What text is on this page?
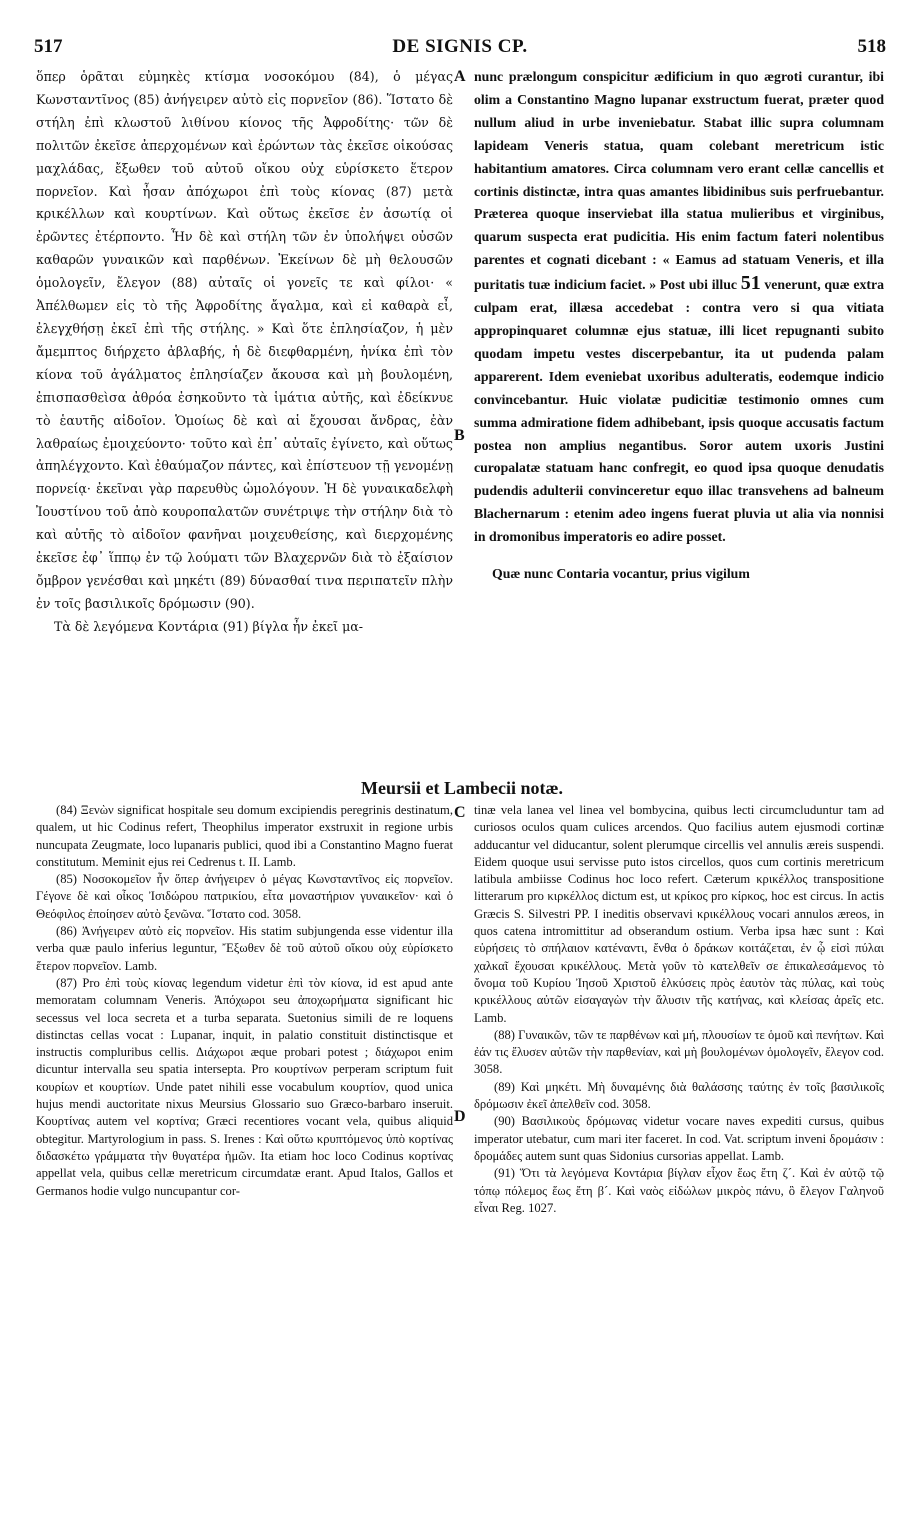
517	DE SIGNIS CP.	518
A
B
C
D

ὅπερ ὁρᾶται εὐμηκὲς κτίσμα νοσοκόμου (84), ὁ μέγας Κωνσταντῖνος (85) ἀνήγειρεν αὐτὸ εἰς πορνεῖον (86). Ἵστατο δὲ στήλη ἐπὶ κλωστοῦ λιθίνου κίονος τῆς Ἀφροδίτης· τῶν δὲ πολιτῶν ἐκεῖσε ἀπερχομένων καὶ ἐρώντων τὰς ἐκεῖσε οἰκούσας μαχλάδας, ἔξωθεν τοῦ αὐτοῦ οἴκου οὐχ εὑρίσκετο ἕτερον πορνεῖον. Καὶ ἦσαν ἀπόχωροι ἐπὶ τοὺς κίονας (87) μετὰ κρικέλλων καὶ κουρτίνων. Καὶ οὕτως ἐκεῖσε ἐν ἀσωτίᾳ οἱ ἐρῶντες ἐτέρποντο. Ἦν δὲ καὶ στήλη τῶν ἐν ὑπολήψει οὐσῶν καθαρῶν γυναικῶν καὶ παρθένων. Ἐκείνων δὲ μὴ θελουσῶν ὁμολογεῖν, ἔλεγον (88) αὐταῖς οἱ γονεῖς τε καὶ φίλοι· « Ἀπέλθωμεν εἰς τὸ τῆς Ἀφροδίτης ἄγαλμα, καὶ εἰ καθαρὰ εἶ, ἐλεγχθήσῃ ἐκεῖ ἐπὶ τῆς στήλης. » Καὶ ὅτε ἐπλησίαζον, ἡ μὲν ἄμεμπτος διήρχετο ἀβλαβής, ἡ δὲ διεφθαρμένη, ἡνίκα ἐπὶ τὸν κίονα τοῦ ἀγάλματος ἐπλησίαζεν ἄκουσα καὶ μὴ βουλομένη, ἐπισπασθεὶσα ἀθρόα ἐσηκοῦντο τὰ ἱμάτια αὐτῆς, καὶ ἐδείκνυε τὸ ἑαυτῆς αἰδοῖον. Ὁμοίως δὲ καὶ αἱ ἔχουσαι ἄνδρας, ἐὰν λαθραίως ἐμοιχεύοντο· τοῦτο καὶ ἐπ᾽ αὐταῖς ἐγίνετο, καὶ οὕτως ἀπηλέγχοντο. Καὶ ἐθαύμαζον πάντες, καὶ ἐπίστευον τῇ γενομένῃ πορνείᾳ· ἐκεῖναι γὰρ παρευθὺς ὡμολόγουν. Ἡ δὲ γυναικαδελφὴ Ἰουστίνου τοῦ ἀπὸ κουροπαλατῶν συνέτριψε τὴν στήλην διὰ τὸ καὶ αὐτῆς τὸ αἰδοῖον φανῆναι μοιχευθείσης, καὶ διερχομένης ἐκεῖσε ἐφ᾽ ἵππῳ ἐν τῷ λούματι τῶν Βλαχερνῶν διὰ τὸ ἐξαίσιον ὄμβρον γενέσθαι καὶ μηκέτι (89) δύνασθαί τινα περιπατεῖν πλὴν ἐν τοῖς βασιλικοῖς δρόμωσιν (90).

Τὰ δὲ λεγόμενα Κοντάρια (91) βίγλα ἦν ἐκεῖ μα-

nunc prælongum conspicitur ædificium in quo ægroti curantur, ibi olim a Constantino Magno lupanar exstructum fuerat, præter quod nullum aliud in urbe inveniebatur. Stabat illic supra columnam lapideam Veneris statua, quam colebant meretricum istic habitantium amatores. Circa columnam vero erant cellæ cancellis et cortinis distinctæ, intra quas amantes libidinibus suis perfruebantur. Præterea quoque inserviebat illa statua mulieribus et virginibus, quarum suspecta erat pudicitia. His enim factum fateri nolentibus parentes et cognati dicebant : « Eamus ad statuam Veneris, et illa puritatis tuæ indicium faciet. » Post ubi illuc 51 venerunt, quæ extra culpam erat, illæsa accedebat : contra vero si qua vitiata appropinquaret columnæ ejus statuæ, illi licet repugnanti subito quodam impetu vestes discerpebantur, ita ut pudenda palam apparerent. Idem eveniebat uxoribus adulteratis, eodemque indicio convincebantur. Huic violatæ pudicitiæ testimonio omnes cum summa admiratione fidem adhibebant, ipsis quoque accusatis factum postea non amplius negantibus. Soror autem uxoris Justini curopalatæ statuam hanc confregit, eo quod ipsa quoque denudatis pudendis adulterii convinceretur equo illac transvehens ad balneum Blachernarum : etenim adeo ingens fuerat pluvia ut alia via nonnisi in dromonibus imperatoris eo adire posset.

Quæ nunc Contaria vocantur, prius vigilum

Meursii et Lambecii notæ.

(84) Ξενὼν significat hospitale seu domum excipiendis peregrinis destinatum, qualem, ut hic Codinus refert, Theophilus imperator exstruxit in regione urbis nuncupata Zeugmate, loco lupanaris publici, quod ibi a Constantino Magno fuerat constitutum. Meminit ejus rei Cedrenus t. II. Lamb.

(85) Νοσοκομεῖον ἦν ὅπερ ἀνήγειρεν ὁ μέγας Κωνσταντῖνος εἰς πορνεῖον. Γέγονε δὲ καὶ οἶκος Ἰσιδώρου πατρικίου, εἶτα μοναστήριον γυναικεῖον· καὶ ὁ Θεόφιλος ἐποίησεν αὐτὸ ξενῶνα. Ἵστατο cod. 3058.

(86) Ἀνήγειρεν αὐτὸ εἰς πορνεῖον. His statim subjungenda esse videntur illa verba quæ paulo inferius leguntur, Ἔξωθεν δὲ τοῦ αὐτοῦ οἴκου οὐχ εὑρίσκετο ἕτερον πορνεῖον. Lamb.

(87) Pro ἐπὶ τοὺς κίονας legendum videtur ἐπὶ τὸν κίονα, id est apud ante memoratam columnam Veneris. Ἀπόχωροι seu ἀποχωρήματα significant hic secessus vel loca secreta et a turba separata. Suetonius simili de re loquens distinctas cellas vocat : Lupanar, inquit, in palatio constituit distinctisque et instructis compluribus cellis. Διάχωροι æque probari potest ; διάχωροι enim dicuntur intervalla seu spatia intersepta. Pro κουρτίνων perperam scriptum fuit κουρίων et κουρτίων. Unde patet nihili esse vocabulum κουρτίον, quod unica hujus mendi auctoritate nixus Meursius Glossario suo Græco-barbaro inseruit. Κουρτίνας autem vel κορτίνα; Græci recentiores vocant vela, quibus aliquid obtegitur. Martyrologium in pass. S. Irenes : Καὶ οὕτω κρυπτόμενος ὑπὸ κορτίνας διδασκέτω γράμματα τὴν θυγατέρα ἡμῶν. Ita etiam hoc loco Codinus κορτίνας appellat vela, quibus cellæ meretricum circumdatæ erant. Apud Italos, Gallos et Germanos hodie vulgo nuncupantur cor-

tinæ vela lanea vel linea vel bombycina, quibus lecti circumcluduntur tam ad curiosos oculos quam culices arcendos. Quo facilius autem ejusmodi cortinæ adducantur vel diducantur, solent plerumque circellis vel annulis æreis suspendi. Eidem quoque usui servisse puto istos circellos, quos cum cortinis meretricum latibula ambiisse Codinus hoc loco refert. Cæterum κρικέλλος transpositione litterarum pro κιρκέλλος dictum est, ut κρίκος pro κίρκος, hoc est circus. In actis Græcis S. Silvestri PP. I ineditis observavi κρικέλλους vocari annulos æreos, in quos catena intromittitur ad obserandum ostium. Verba ipsa hæc sunt : Καὶ εὑρήσεις τὸ σπήλαιον κατέναντι, ἔνθα ὁ δράκων κοιτάζεται, ἐν ᾧ εἰσὶ πύλαι χαλκαῖ ἔχουσαι κρικέλλους. Μετὰ γοῦν τὸ κατελθεῖν σε ἐπικαλεσάμενος τὸ ὄνομα τοῦ Κυρίου Ἰησοῦ Χριστοῦ ἑλκύσεις πρὸς ἑαυτὸν τὰς πύλας, καὶ τοὺς κρικέλλους αὐτῶν εἰσαγαγὼν τὴν ἅλυσιν τῆς κατήνας, καὶ κλείσας ἀρεῖς etc. Lamb.

(88) Γυναικῶν, τῶν τε παρθένων καὶ μή, πλουσίων τε ὁμοῦ καὶ πενήτων. Καὶ ἐάν τις ἔλυσεν αὐτῶν τὴν παρθενίαν, καὶ μὴ βουλομένων ὁμολογεῖν, ἔλεγον cod. 3058.

(89) Καὶ μηκέτι. Μὴ δυναμένης διὰ θαλάσσης ταύτης ἐν τοῖς βασιλικοῖς δρόμωσιν ἐκεῖ ἀπελθεῖν cod. 3058.

(90) Βασιλικοὺς δρόμωνας videtur vocare naves expediti cursus, quibus imperator utebatur, cum mari iter faceret. In cod. Vat. scriptum inveni δρομάσιν : δρομάδες autem sunt quas Sidonius cursorias appellat. Lamb.

(91) Ὅτι τὰ λεγόμενα Κοντάρια βίγλαν εἶχον ἕως ἔτη ζ´. Καὶ ἐν αὐτῷ τῷ τόπῳ πόλεμος ἕως ἔτη β´. Καὶ ναὸς εἰδώλων μικρὸς πάνυ, ὃ ἔλεγον Γαληνοῦ εἶναι Reg. 1027.
